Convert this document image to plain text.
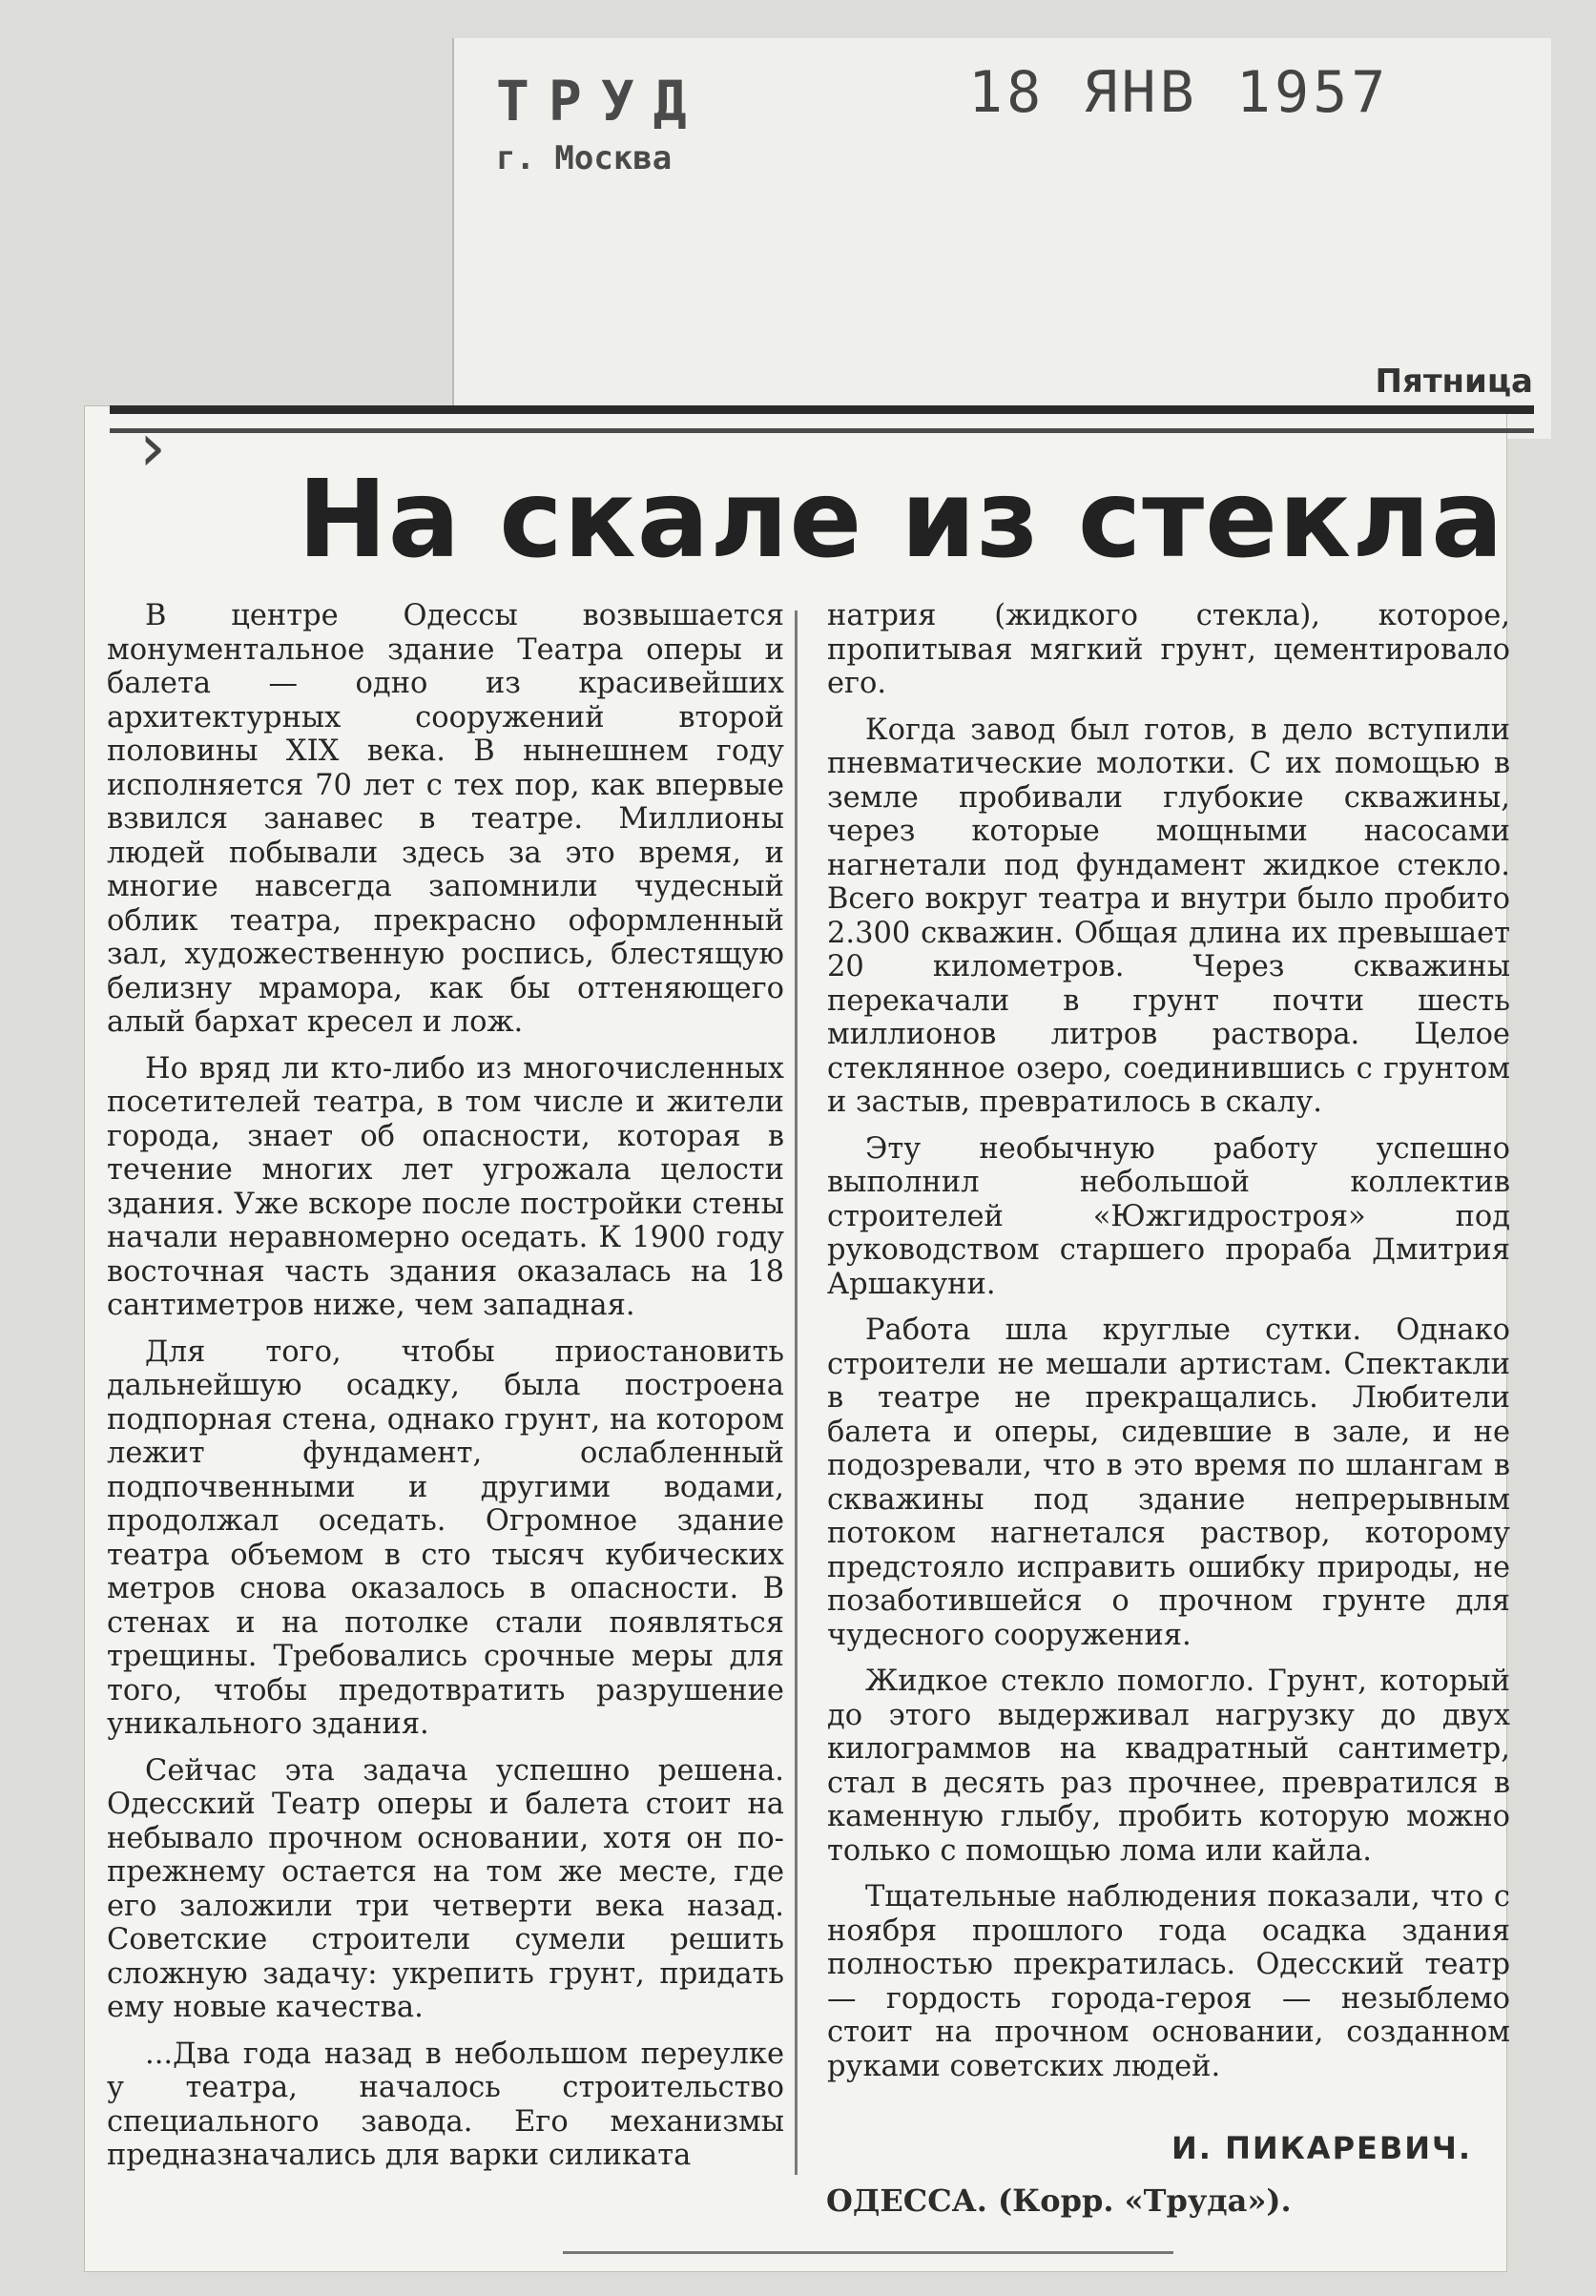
ТРУД
г. Москва
18 ЯНВ 1957
Пятница
›
На скале из стекла

В центре Одессы возвышается монументальное здание Театра оперы и балета — одно из красивейших архитектурных сооружений второй половины XIX века. В нынешнем году исполняется 70 лет с тех пор, как впервые взвился занавес в театре. Миллионы людей побывали здесь за это время, и многие навсегда запомнили чудесный облик театра, прекрасно оформленный зал, художественную роспись, блестящую белизну мрамора, как бы оттеняющего алый бархат кресел и лож.

Но вряд ли кто-либо из многочисленных посетителей театра, в том числе и жители города, знает об опасности, которая в течение многих лет угрожала целости здания. Уже вскоре после постройки стены начали неравномерно оседать. К 1900 году восточная часть здания оказалась на 18 сантиметров ниже, чем западная.

Для того, чтобы приостановить дальнейшую осадку, была построена подпорная стена, однако грунт, на котором лежит фундамент, ослабленный подпочвенными и другими водами, продолжал оседать. Огромное здание театра объемом в сто тысяч кубических метров снова оказалось в опасности. В стенах и на потолке стали появляться трещины. Требовались срочные меры для того, чтобы предотвратить разрушение уникального здания.

Сейчас эта задача успешно решена. Одесский Театр оперы и балета стоит на небывало прочном основании, хотя он по-прежнему остается на том же месте, где его заложили три четверти века назад. Советские строители сумели решить сложную задачу: укрепить грунт, придать ему новые качества.

...Два года назад в небольшом переулке у театра, началось строительство специального завода. Его механизмы предназначались для варки силиката

натрия (жидкого стекла), которое, пропитывая мягкий грунт, цементировало его.

Когда завод был готов, в дело вступили пневматические молотки. С их помощью в земле пробивали глубокие скважины, через которые мощными насосами нагнетали под фундамент жидкое стекло. Всего вокруг театра и внутри было пробито 2.300 скважин. Общая длина их превышает 20 километров. Через скважины перекачали в грунт почти шесть миллионов литров раствора. Целое стеклянное озеро, соединившись с грунтом и застыв, превратилось в скалу.

Эту необычную работу успешно выполнил небольшой коллектив строителей «Южгидростроя» под руководством старшего прораба Дмитрия Аршакуни.

Работа шла круглые сутки. Однако строители не мешали артистам. Спектакли в театре не прекращались. Любители балета и оперы, сидевшие в зале, и не подозревали, что в это время по шлангам в скважины под здание непрерывным потоком нагнетался раствор, которому предстояло исправить ошибку природы, не позаботившейся о прочном грунте для чудесного сооружения.

Жидкое стекло помогло. Грунт, который до этого выдерживал нагрузку до двух килограммов на квадратный сантиметр, стал в десять раз прочнее, превратился в каменную глыбу, пробить которую можно только с помощью лома или кайла.

Тщательные наблюдения показали, что с ноября прошлого года осадка здания полностью прекратилась. Одесский театр — гордость города-героя — незыблемо стоит на прочном основании, созданном руками советских людей.

И. ПИКАРЕВИЧ.
ОДЕССА. (Корр. «Труда»).
